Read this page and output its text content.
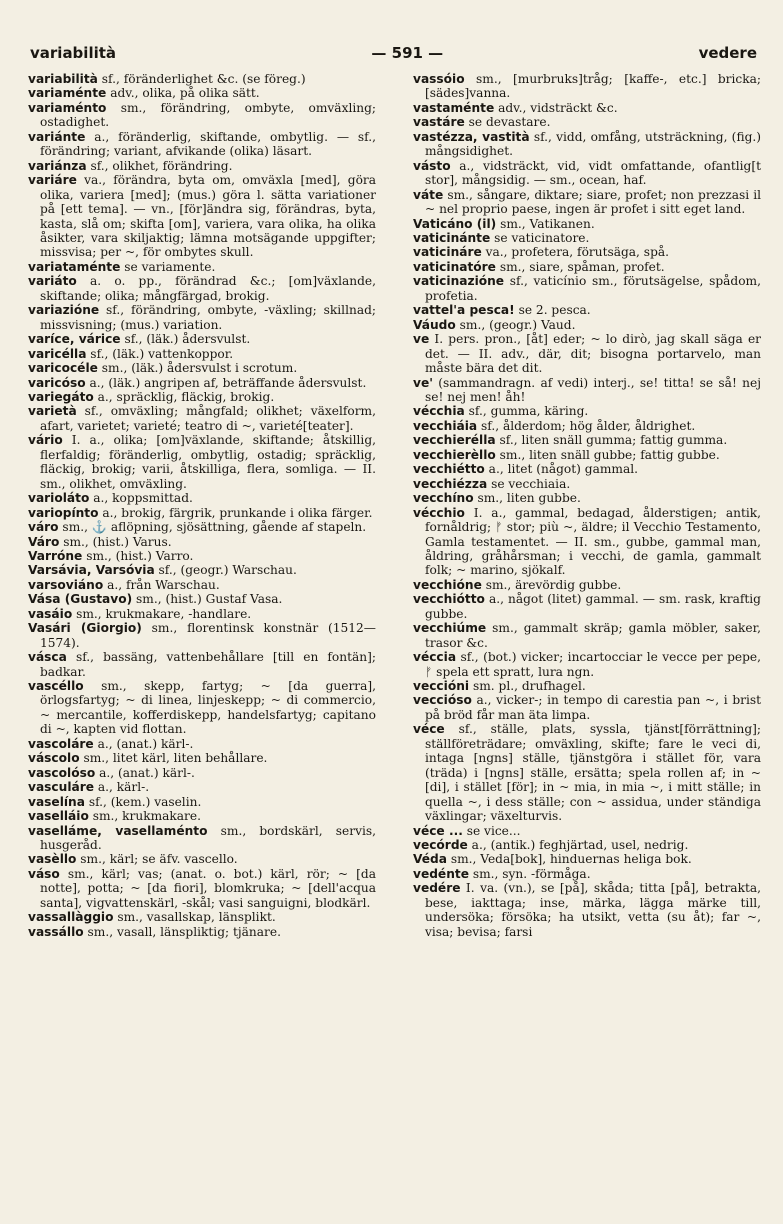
variabilità	— 591 —	vedere

variabilità sf., föränderlighet &c. (se föreg.)

variaménte adv., olika, på olika sätt.

variaménto sm., förändring, ombyte, omväxling; ostadighet.

variánte a., föränderlig, skiftande, ombytlig. — sf., förändring; variant, afvikande (olika) läsart.

variánza sf., olikhet, förändring.

variáre va., förändra, byta om, omväxla [med], göra olika, variera [med]; (mus.) göra l. sätta variationer på [ett tema]. — vn., [för]ändra sig, förändras, byta, kasta, slå om; skifta [om], variera, vara olika, ha olika åsikter, vara skiljaktig; lämna motsägande uppgifter; missvisa; per ~, för ombytes skull.

variataménte se variamente.

variáto a. o. pp., förändrad &c.; [om]växlande, skiftande; olika; mångfärgad, brokig.

variazióne sf., förändring, ombyte, -växling; skillnad; missvisning; (mus.) variation.

varíce, várice sf., (läk.) ådersvulst.

varicélla sf., (läk.) vattenkoppor.

varicocéle sm., (läk.) ådersvulst i scrotum.

varicóso a., (läk.) angripen af, beträffande ådersvulst.

variegáto a., spräcklig, fläckig, brokig.

varietà sf., omväxling; mångfald; olikhet; växelform, afart, varietet; varieté; teatro di ~, varieté[teater].

vário I. a., olika; [om]växlande, skiftande; åtskillig, flerfaldig; föränderlig, ombytlig, ostadig; spräcklig, fläckig, brokig; varii, åtskilliga, flera, somliga. — II. sm., olikhet, omväxling.

varioláto a., koppsmittad.

variopínto a., brokig, färgrik, prunkande i olika färger.

váro sm., ⚓ aflöpning, sjösättning, gående af stapeln.

Váro sm., (hist.) Varus.

Varróne sm., (hist.) Varro.

Varsávia, Varsóvia sf., (geogr.) Warschau.

varsoviáno a., från Warschau.

Vása (Gustavo) sm., (hist.) Gustaf Vasa.

vasáio sm., krukmakare, -handlare.

Vasári (Giorgio) sm., florentinsk konstnär (1512—1574).

vásca sf., bassäng, vattenbehållare [till en fontän]; badkar.

vascéllo sm., skepp, fartyg; ~ [da guerra], örlogsfartyg; ~ di linea, linjeskepp; ~ di commercio, ~ mercantile, kofferdiskepp, handelsfartyg; capitano di ~, kapten vid flottan.

vascoláre a., (anat.) kärl-.

váscolo sm., litet kärl, liten behållare.

vascolóso a., (anat.) kärl-.

vasculáre a., kärl-.

vaselína sf., (kem.) vaselin.

vaselláio sm., krukmakare.

vaselláme, vasellaménto sm., bordskärl, servis, husgeråd.

vasèllo sm., kärl; se äfv. vascello.

váso sm., kärl; vas; (anat. o. bot.) kärl, rör; ~ [da notte], potta; ~ [da fiori], blomkruka; ~ [dell'acqua santa], vigvattenskärl, -skål; vasi sanguigni, blodkärl.

vassallàggio sm., vasallskap, länsplikt.

vassállo sm., vasall, länspliktig; tjänare.

vassóio sm., [murbruks]tråg; [kaffe-, etc.] bricka; [sädes]vanna.

vastaménte adv., vidsträckt &c.

vastáre se devastare.

vastézza, vastità sf., vidd, omfång, utsträckning, (fig.) mångsidighet.

vásto a., vidsträckt, vid, vidt omfattande, ofantlig[t stor], mångsidig. — sm., ocean, haf.

váte sm., sångare, diktare; siare, profet; non prezzasi il ~ nel proprio paese, ingen är profet i sitt eget land.

Vaticáno (il) sm., Vatikanen.

vaticinánte se vaticinatore.

vaticináre va., profetera, förutsäga, spå.

vaticinatóre sm., siare, spåman, profet.

vaticinazióne sf., vaticínio sm., förutsägelse, spådom, profetia.

vattel'a pesca! se 2. pesca.

Váudo sm., (geogr.) Vaud.

ve I. pers. pron., [åt] eder; ~ lo dirò, jag skall säga er det. — II. adv., där, dit; bisogna portarvelo, man måste bära det dit.

ve' (sammandragn. af vedi) interj., se! titta! se så! nej se! nej men! åh!

vécchia sf., gumma, käring.

vecchiáia sf., ålderdom; hög ålder, åldrighet.

vecchierélla sf., liten snäll gumma; fattig gumma.

vecchierèllo sm., liten snäll gubbe; fattig gubbe.

vecchiétto a., litet (något) gammal.

vecchiézza se vecchiaia.

vecchíno sm., liten gubbe.

vécchio I. a., gammal, bedagad, ålderstigen; antik, fornåldrig; ᚠ stor; più ~, äldre; il Vecchio Testamento, Gamla testamentet. — II. sm., gubbe, gammal man, åldring, gråhårsman; i vecchi, de gamla, gammalt folk; ~ marino, sjökalf.

vecchióne sm., ärevördig gubbe.

vecchiótto a., något (litet) gammal. — sm. rask, kraftig gubbe.

vecchiúme sm., gammalt skräp; gamla möbler, saker, trasor &c.

véccia sf., (bot.) vicker; incartocciar le vecce per pepe, ᚠ spela ett spratt, lura ngn.

veccióni sm. pl., drufhagel.

veccióso a., vicker-; in tempo di carestia pan ~, i brist på bröd får man äta limpa.

véce sf., ställe, plats, syssla, tjänst[förrättning]; ställföreträdare; omväxling, skifte; fare le veci di, intaga [ngns] ställe, tjänstgöra i stället för, vara (träda) i [ngns] ställe, ersätta; spela rollen af; in ~ [di], i stället [för]; in ~ mia, in mia ~, i mitt ställe; in quella ~, i dess ställe; con ~ assidua, under ständiga växlingar; växelturvis.

véce ... se vice...

vecórde a., (antik.) feghjärtad, usel, nedrig.

Véda sm., Veda[bok], hinduernas heliga bok.

vedénte sm., syn. -förmåga.

vedére I. va. (vn.), se [på], skåda; titta [på], betrakta, bese, iakttaga; inse, märka, lägga märke till, undersöka; försöka; ha utsikt, vetta (su åt); far ~, visa; bevisa; farsi
